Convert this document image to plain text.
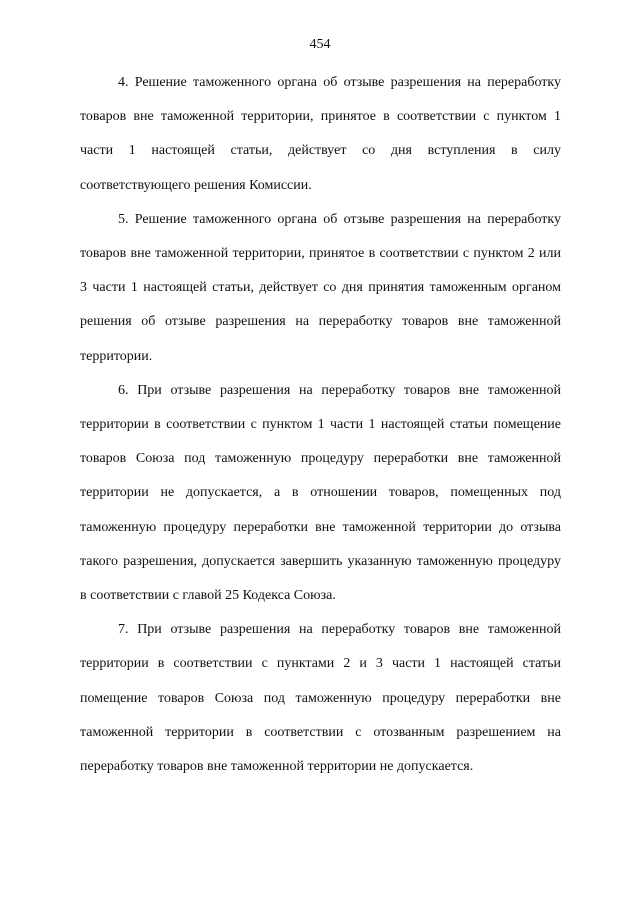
454

4. Решение таможенного органа об отзыве разрешения на переработку товаров вне таможенной территории, принятое в соответствии с пунктом 1 части 1 настоящей статьи, действует со дня вступления в силу соответствующего решения Комиссии.

5. Решение таможенного органа об отзыве разрешения на переработку товаров вне таможенной территории, принятое в соответствии с пунктом 2 или 3 части 1 настоящей статьи, действует со дня принятия таможенным органом решения об отзыве разрешения на переработку товаров вне таможенной территории.

6. При отзыве разрешения на переработку товаров вне таможенной территории в соответствии с пунктом 1 части 1 настоящей статьи помещение товаров Союза под таможенную процедуру переработки вне таможенной территории не допускается, а в отношении товаров, помещенных под таможенную процедуру переработки вне таможенной территории до отзыва такого разрешения, допускается завершить указанную таможенную процедуру в соответствии с главой 25 Кодекса Союза.

7. При отзыве разрешения на переработку товаров вне таможенной территории в соответствии с пунктами 2 и 3 части 1 настоящей статьи помещение товаров Союза под таможенную процедуру переработки вне таможенной территории в соответствии с отозванным разрешением на переработку товаров вне таможенной территории не допускается.
